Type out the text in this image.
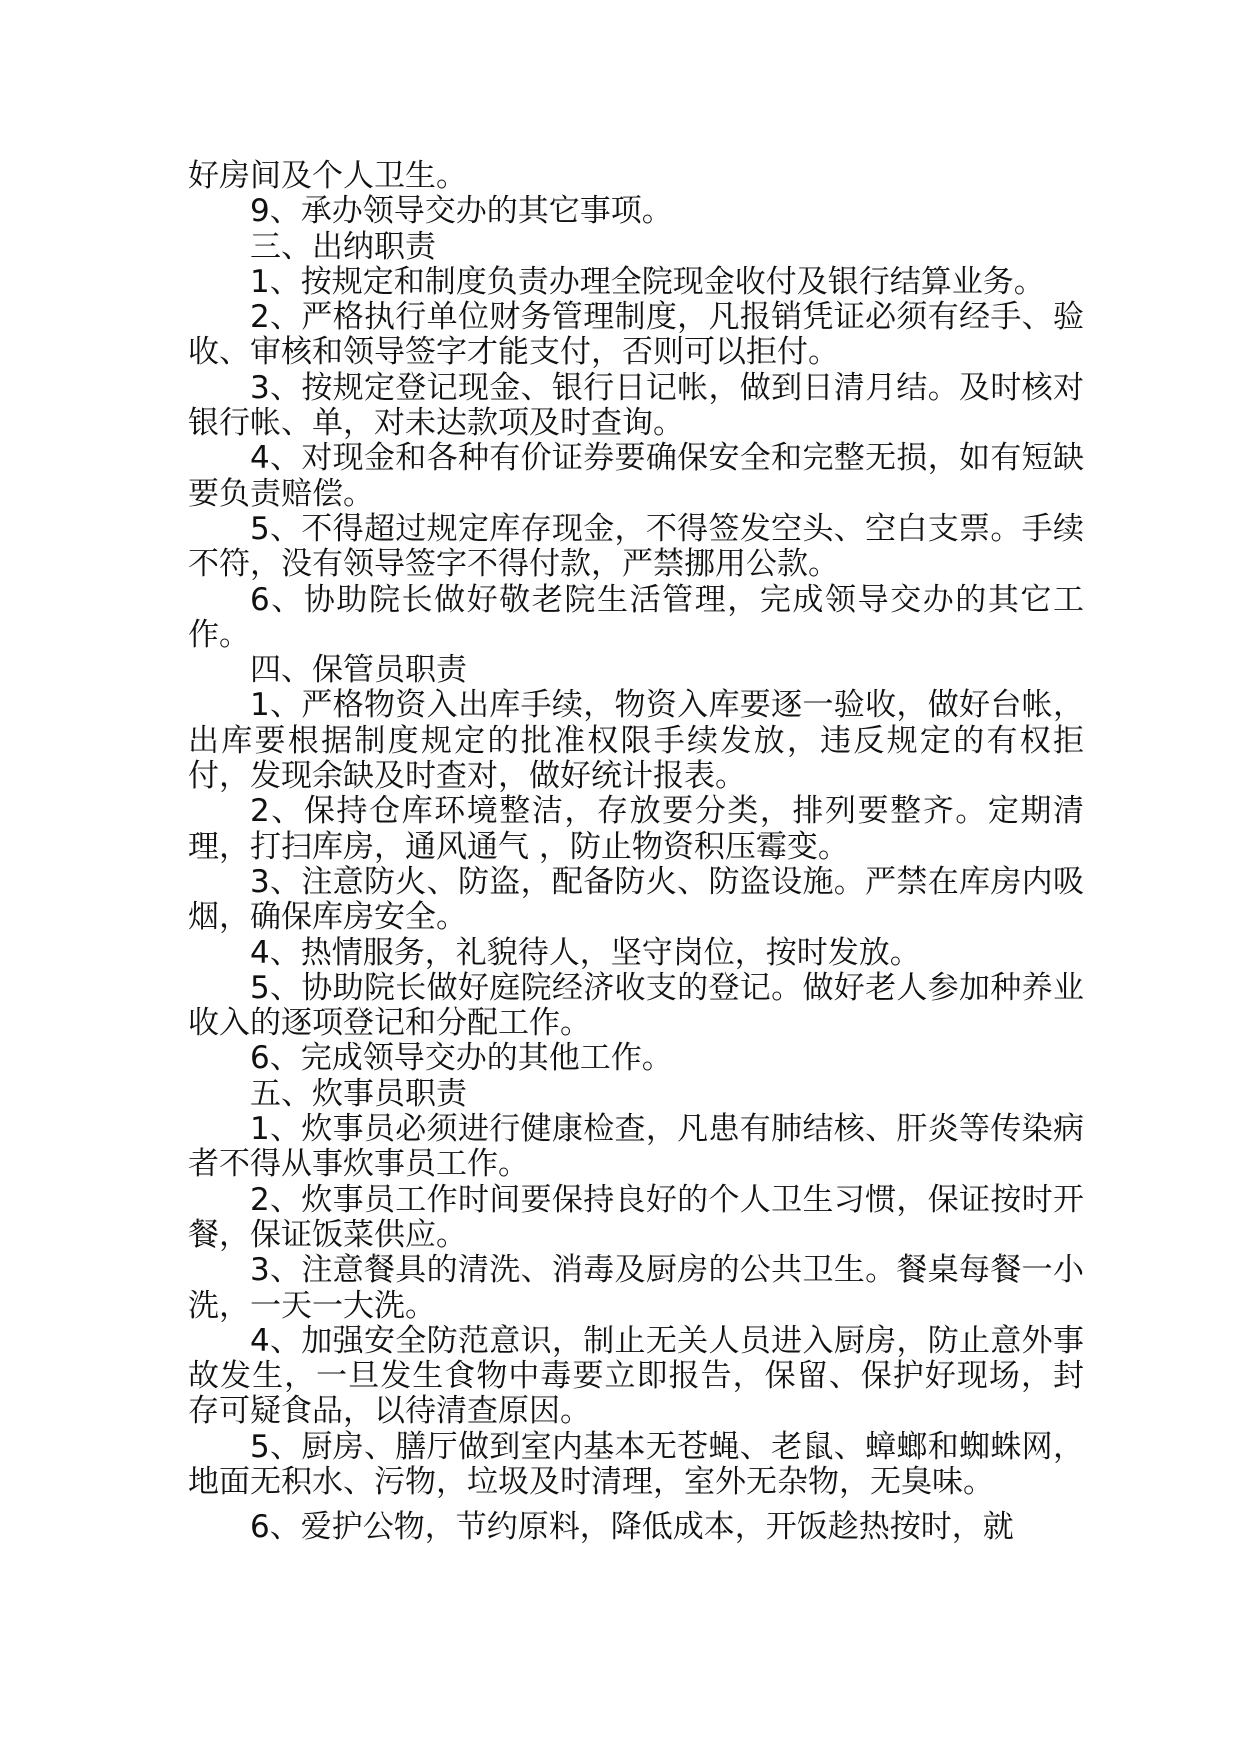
好房间及个人卫生。

9、承办领导交办的其它事项。

三、出纳职责

1、按规定和制度负责办理全院现金收付及银行结算业务。

2、严格执行单位财务管理制度，凡报销凭证必须有经手、验收、审核和领导签字才能支付，否则可以拒付。

3、按规定登记现金、银行日记帐，做到日清月结。及时核对银行帐、单，对未达款项及时查询。

4、对现金和各种有价证券要确保安全和完整无损，如有短缺要负责赔偿。

5、不得超过规定库存现金，不得签发空头、空白支票。手续不符，没有领导签字不得付款，严禁挪用公款。

6、协助院长做好敬老院生活管理，完成领导交办的其它工作。

四、保管员职责

1、严格物资入出库手续，物资入库要逐一验收，做好台帐，出库要根据制度规定的批准权限手续发放，违反规定的有权拒付，发现余缺及时查对，做好统计报表。

2、保持仓库环境整洁，存放要分类，排列要整齐。定期清理，打扫库房，通风通气 ，防止物资积压霉变。

3、注意防火、防盗，配备防火、防盗设施。严禁在库房内吸烟，确保库房安全。

4、热情服务，礼貌待人，坚守岗位，按时发放。

5、协助院长做好庭院经济收支的登记。做好老人参加种养业收入的逐项登记和分配工作。

6、完成领导交办的其他工作。

五、炊事员职责

1、炊事员必须进行健康检查，凡患有肺结核、肝炎等传染病者不得从事炊事员工作。

2、炊事员工作时间要保持良好的个人卫生习惯，保证按时开餐，保证饭菜供应。

3、注意餐具的清洗、消毒及厨房的公共卫生。餐桌每餐一小洗，一天一大洗。

4、加强安全防范意识，制止无关人员进入厨房，防止意外事故发生，一旦发生食物中毒要立即报告，保留、保护好现场，封存可疑食品，以待清查原因。

5、厨房、膳厅做到室内基本无苍蝇、老鼠、蟑螂和蜘蛛网，地面无积水、污物，垃圾及时清理，室外无杂物，无臭味。

6、爱护公物，节约原料，降低成本，开饭趁热按时，就
